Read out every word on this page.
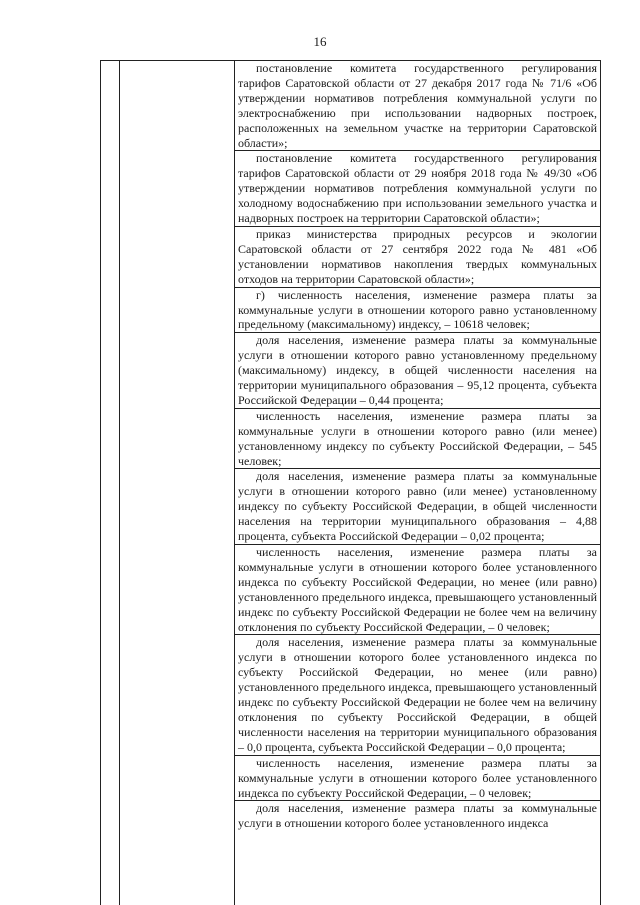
16

постановление комитета государственного регулирования тарифов Саратовской области от 27 декабря 2017 года № 71/6 «Об утверждении нормативов потребления коммунальной услуги по электроснабжению при использовании надворных построек, расположенных на земельном участке на территории Саратовской области»;

постановление комитета государственного регулирования тарифов Саратовской области от 29 ноября 2018 года № 49/30 «Об утверждении нормативов потребления коммунальной услуги по холодному водоснабжению при использовании земельного участка и надворных построек на территории Саратовской области»;

приказ министерства природных ресурсов и экологии Саратовской области от 27 сентября 2022 года № 481 «Об установлении нормативов накопления твердых коммунальных отходов на территории Саратовской области»;

г) численность населения, изменение размера платы за коммунальные услуги в отношении которого равно установленному предельному (максимальному) индексу, – 10618 человек;

доля населения, изменение размера платы за коммунальные услуги в отношении которого равно установленному предельному (максимальному) индексу, в общей численности населения на территории муниципального образования – 95,12 процента, субъекта Российской Федерации – 0,44 процента;

численность населения, изменение размера платы за коммунальные услуги в отношении которого равно (или менее) установленному индексу по субъекту Российской Федерации, – 545 человек;

доля населения, изменение размера платы за коммунальные услуги в отношении которого равно (или менее) установленному индексу по субъекту Российской Федерации, в общей численности населения на территории муниципального образования – 4,88 процента, субъекта Российской Федерации – 0,02 процента;

численность населения, изменение размера платы за коммунальные услуги в отношении которого более установленного индекса по субъекту Российской Федерации, но менее (или равно) установленного предельного индекса, превышающего установленный индекс по субъекту Российской Федерации не более чем на величину отклонения по субъекту Российской Федерации, – 0 человек;

доля населения, изменение размера платы за коммунальные услуги в отношении которого более установленного индекса по субъекту Российской Федерации, но менее (или равно) установленного предельного индекса, превышающего установленный индекс по субъекту Российской Федерации не более чем на величину отклонения по субъекту Российской Федерации, в общей численности населения на территории муниципального образования – 0,0 процента, субъекта Российской Федерации – 0,0 процента;

численность населения, изменение размера платы за коммунальные услуги в отношении которого более установленного индекса по субъекту Российской Федерации, – 0 человек;

доля населения, изменение размера платы за коммунальные услуги в отношении которого более установленного индекса
